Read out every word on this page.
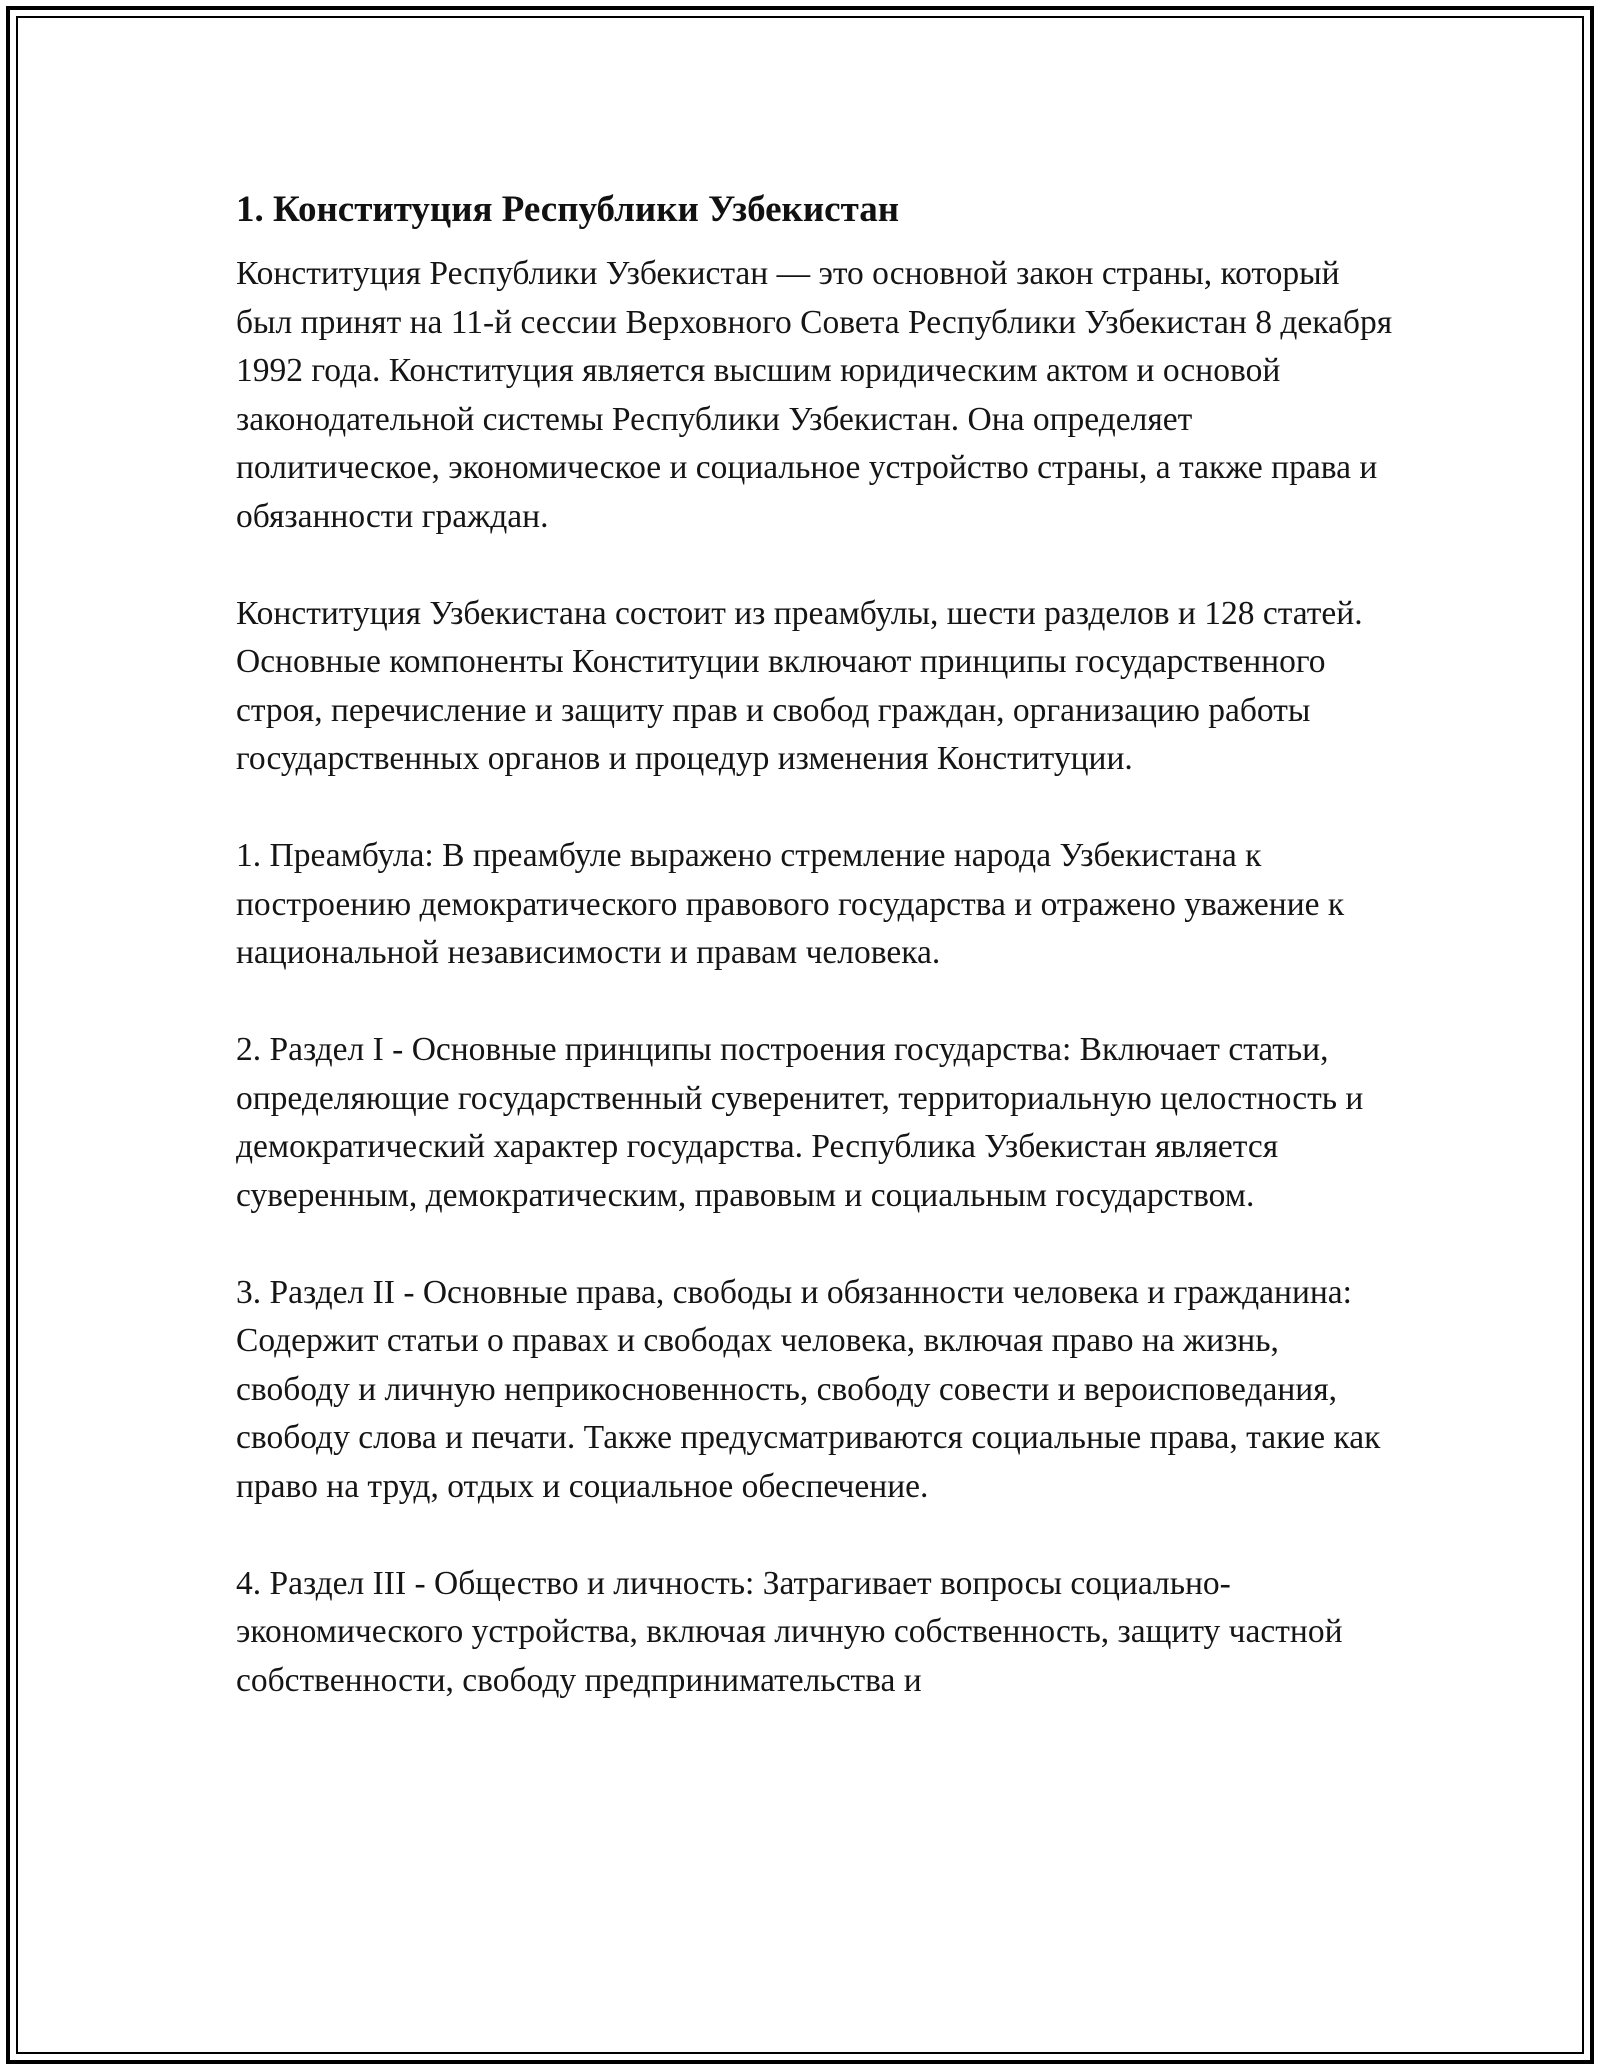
1. Конституция Республики Узбекистан

Конституция Республики Узбекистан — это основной закон страны, который был принят на 11-й сессии Верховного Совета Республики Узбекистан 8 декабря 1992 года. Конституция является высшим юридическим актом и основой законодательной системы Республики Узбекистан. Она определяет политическое, экономическое и социальное устройство страны, а также права и обязанности граждан.

Конституция Узбекистана состоит из преамбулы, шести разделов и 128 статей. Основные компоненты Конституции включают принципы государственного строя, перечисление и защиту прав и свобод граждан, организацию работы государственных органов и процедур изменения Конституции.

1. Преамбула: В преамбуле выражено стремление народа Узбекистана к построению демократического правового государства и отражено уважение к национальной независимости и правам человека.

2. Раздел I - Основные принципы построения государства: Включает статьи, определяющие государственный суверенитет, территориальную целостность и демократический характер государства. Республика Узбекистан является суверенным, демократическим, правовым и социальным государством.

3. Раздел II - Основные права, свободы и обязанности человека и гражданина: Содержит статьи о правах и свободах человека, включая право на жизнь, свободу и личную неприкосновенность, свободу совести и вероисповедания, свободу слова и печати. Также предусматриваются социальные права, такие как право на труд, отдых и социальное обеспечение.

4. Раздел III - Общество и личность: Затрагивает вопросы социально-экономического устройства, включая личную собственность, защиту частной собственности, свободу предпринимательства и
